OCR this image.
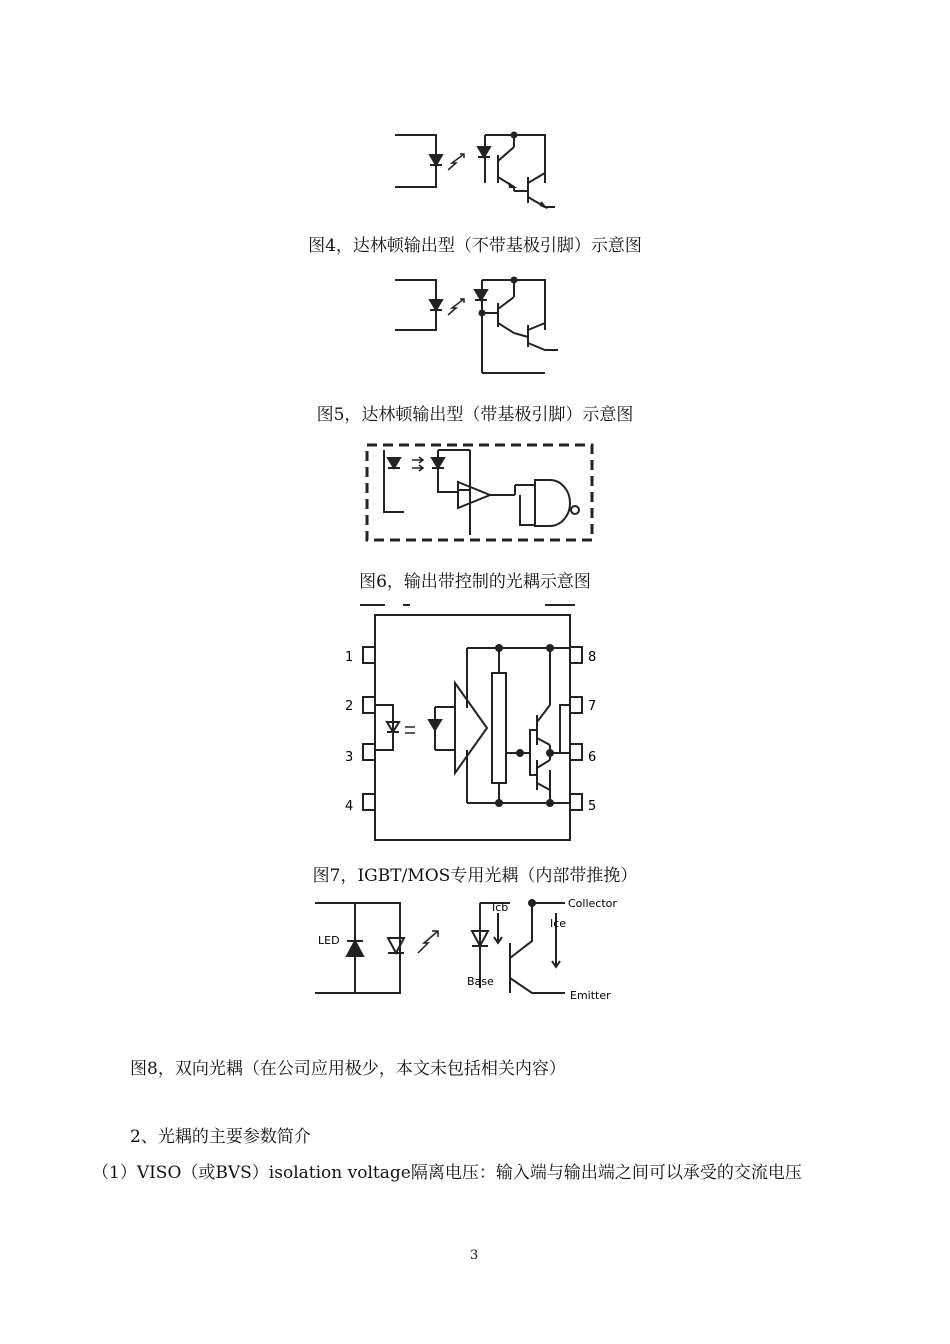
图4，达林顿输出型（不带基极引脚）示意图
图5，达林顿输出型（带基极引脚）示意图
图6，输出带控制的光耦示意图
1
2
3
4	5
6
7
8
图7，IGBT/MOS专用光耦（内部带推挽）
LED
Icb
Ice
Base
Collector
Emitter
图8，双向光耦（在公司应用极少，本文未包括相关内容）
2、光耦的主要参数简介
（1）VISO（或BVS）isolation voltage隔离电压：输入端与输出端之间可以承受的交流电压
3
